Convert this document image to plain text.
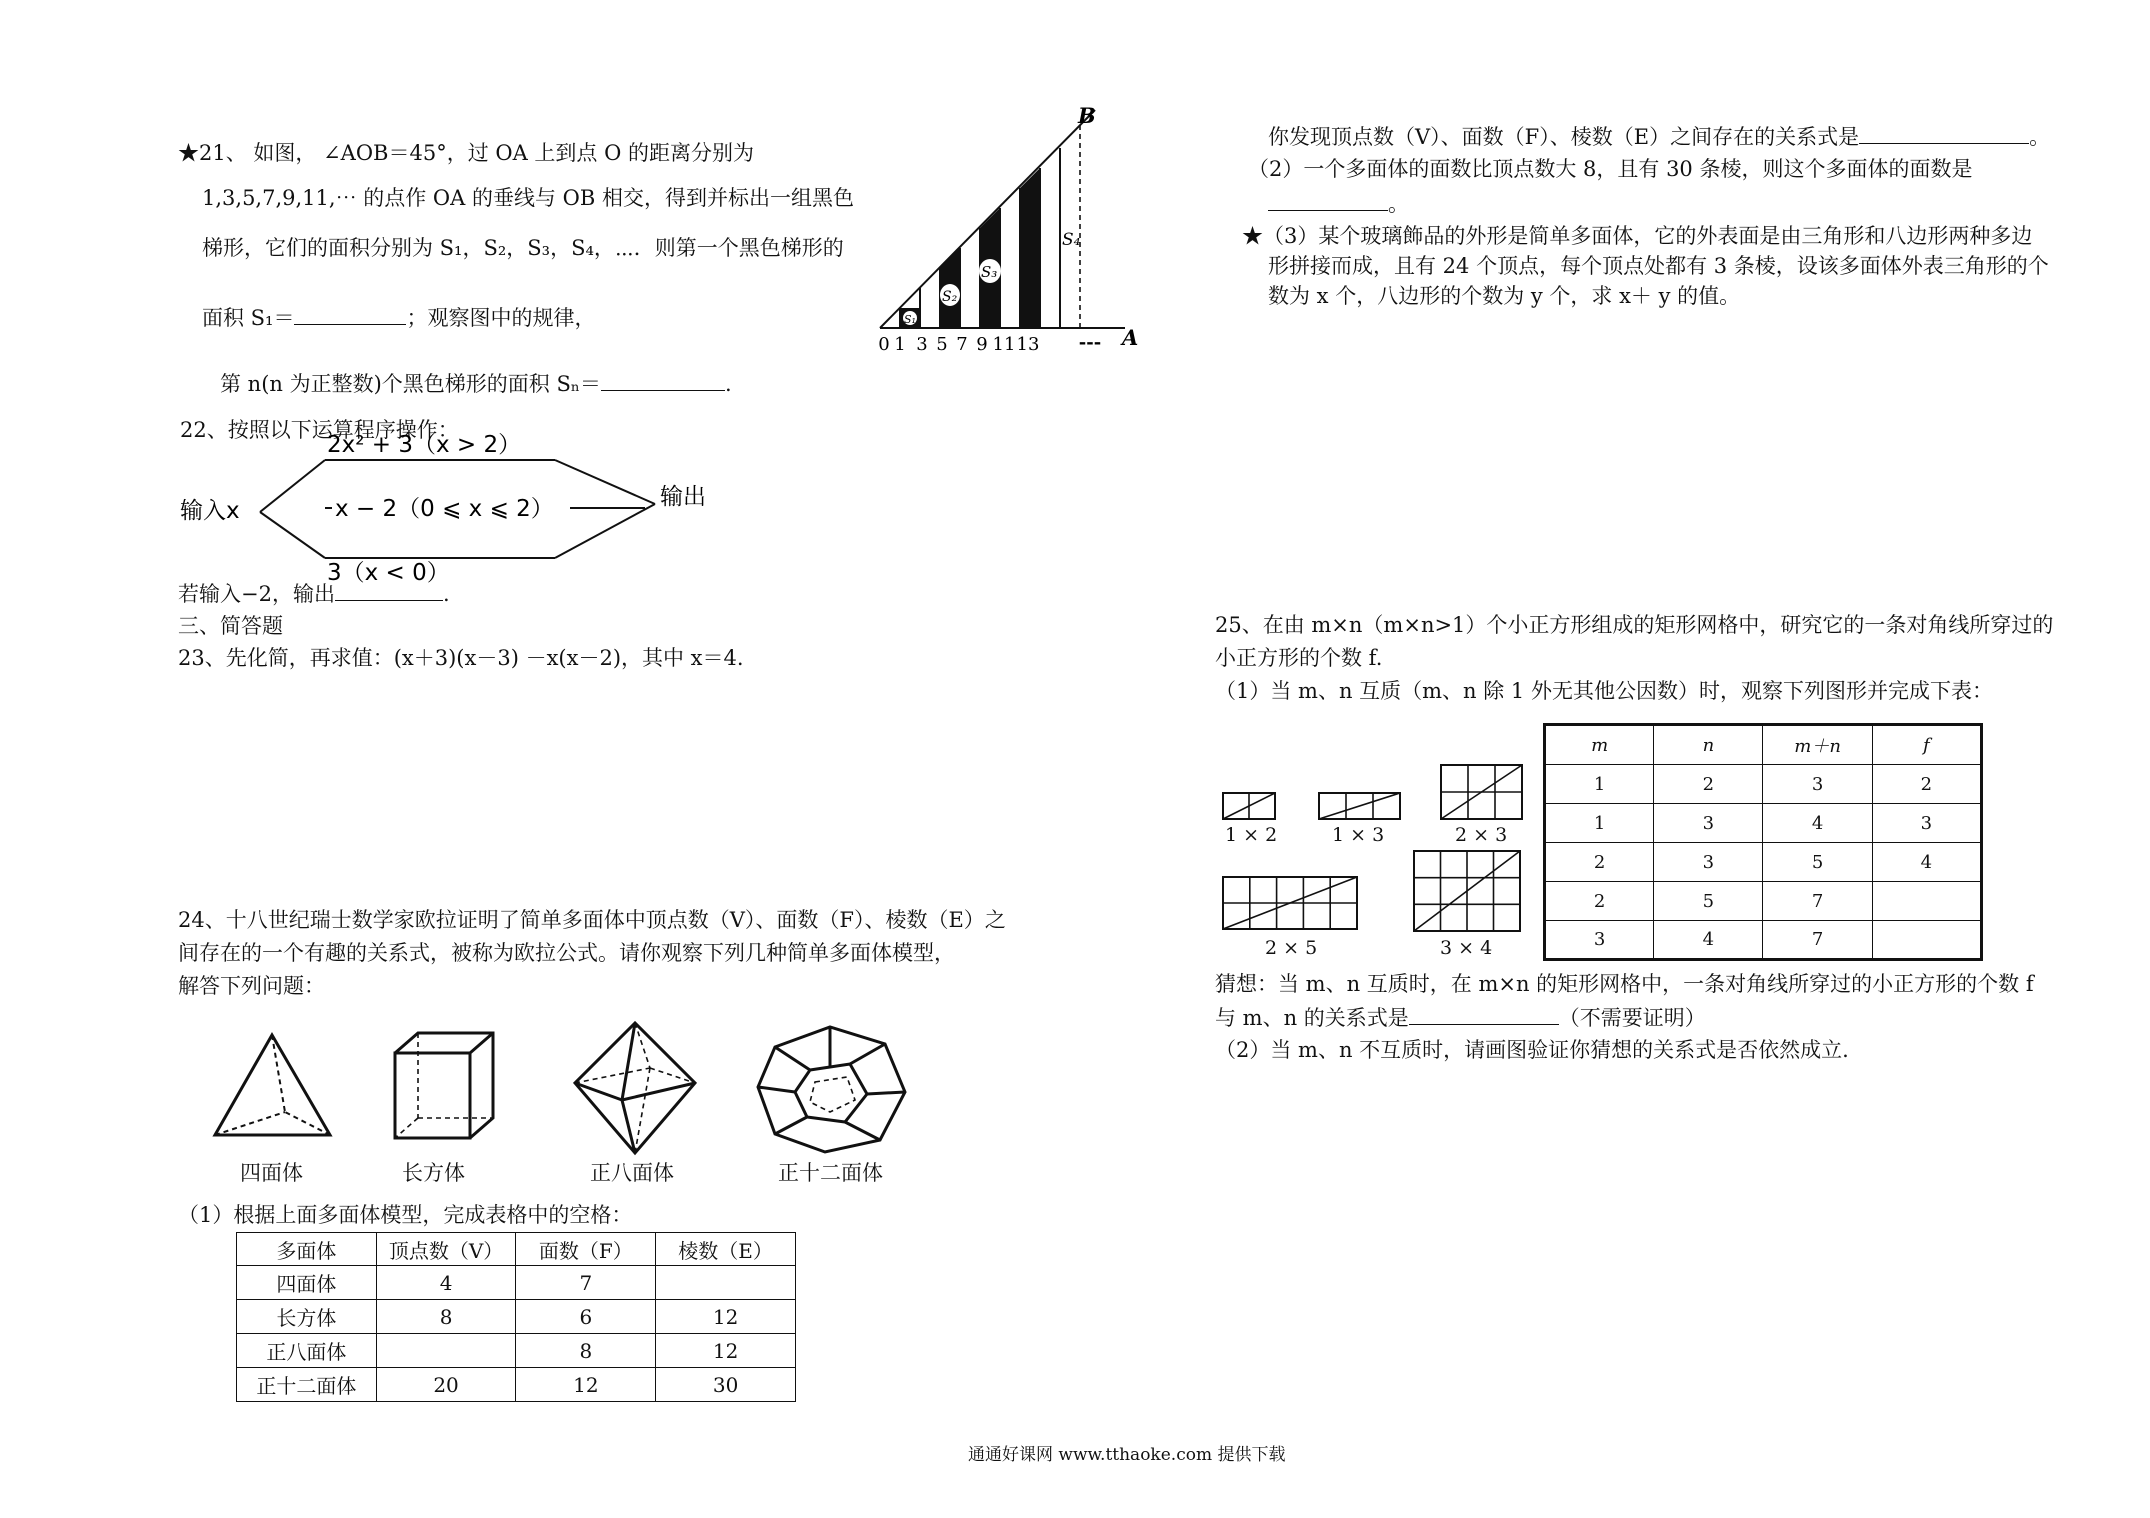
★21、 如图， ∠AOB＝45°，过 OA 上到点 O 的距离分别为
1,3,5,7,9,11,⋯ 的点作 OA 的垂线与 OB 相交，得到并标出一组黑色
梯形，它们的面积分别为 S₁，S₂，S₃，S₄，⋯．则第一个黑色梯形的
面积 S₁＝	；观察图中的规律，
第 n(n 为正整数)个黑色梯形的面积 Sₙ＝	.
S₁
S₂
S₃
S₄
B
A
0 1 3 5 7 9 11 13 ---
22、按照以下运算程序操作：
输入x
输出
2x² + 3（x > 2）
x − 2（0 ⩽ x ⩽ 2）
3（x < 0）
若输入−2，输出	.
三、简答题
23、先化简，再求值：(x＋3)(x－3) －x(x－2)，其中 x＝4.
24、十八世纪瑞士数学家欧拉证明了简单多面体中顶点数（V）、面数（F）、棱数（E）之
间存在的一个有趣的关系式，被称为欧拉公式。请你观察下列几种简单多面体模型，
解答下列问题：
四面体	长方体	正八面体	正十二面体
（1）根据上面多面体模型，完成表格中的空格：
多面体	顶点数（V）	面数（F）	棱数（E）
四面体	4	7	
长方体	8	6	12
正八面体		8	12
正十二面体	20	12	30
你发现顶点数（V）、面数（F）、棱数（E）之间存在的关系式是	。
（2）一个多面体的面数比顶点数大 8，且有 30 条棱，则这个多面体的面数是
。
★（3）某个玻璃飾品的外形是简单多面体，它的外表面是由三角形和八边形两种多边
形拼接而成，且有 24 个顶点，每个顶点处都有 3 条棱，设该多面体外表三角形的个
数为 x 个，八边形的个数为 y 个，求 x＋ y 的值。
25、在由 m×n（m×n>1）个小正方形组成的矩形网格中，研究它的一条对角线所穿过的
小正方形的个数 f.
（1）当 m、n 互质（m、n 除 1 外无其他公因数）时，观察下列图形并完成下表：
1 × 2	1 × 3	2 × 3
2 × 5	3 × 4
m	n	m＋n	f
1	2	3	2
1	3	4	3
2	3	5	4
2	5	7	
3	4	7	
猜想：当 m、n 互质时，在 m×n 的矩形网格中，一条对角线所穿过的小正方形的个数 f
与 m、n 的关系式是	（不需要证明）
（2）当 m、n 不互质时，请画图验证你猜想的关系式是否依然成立.
通通好课网 www.tthaoke.com 提供下载
